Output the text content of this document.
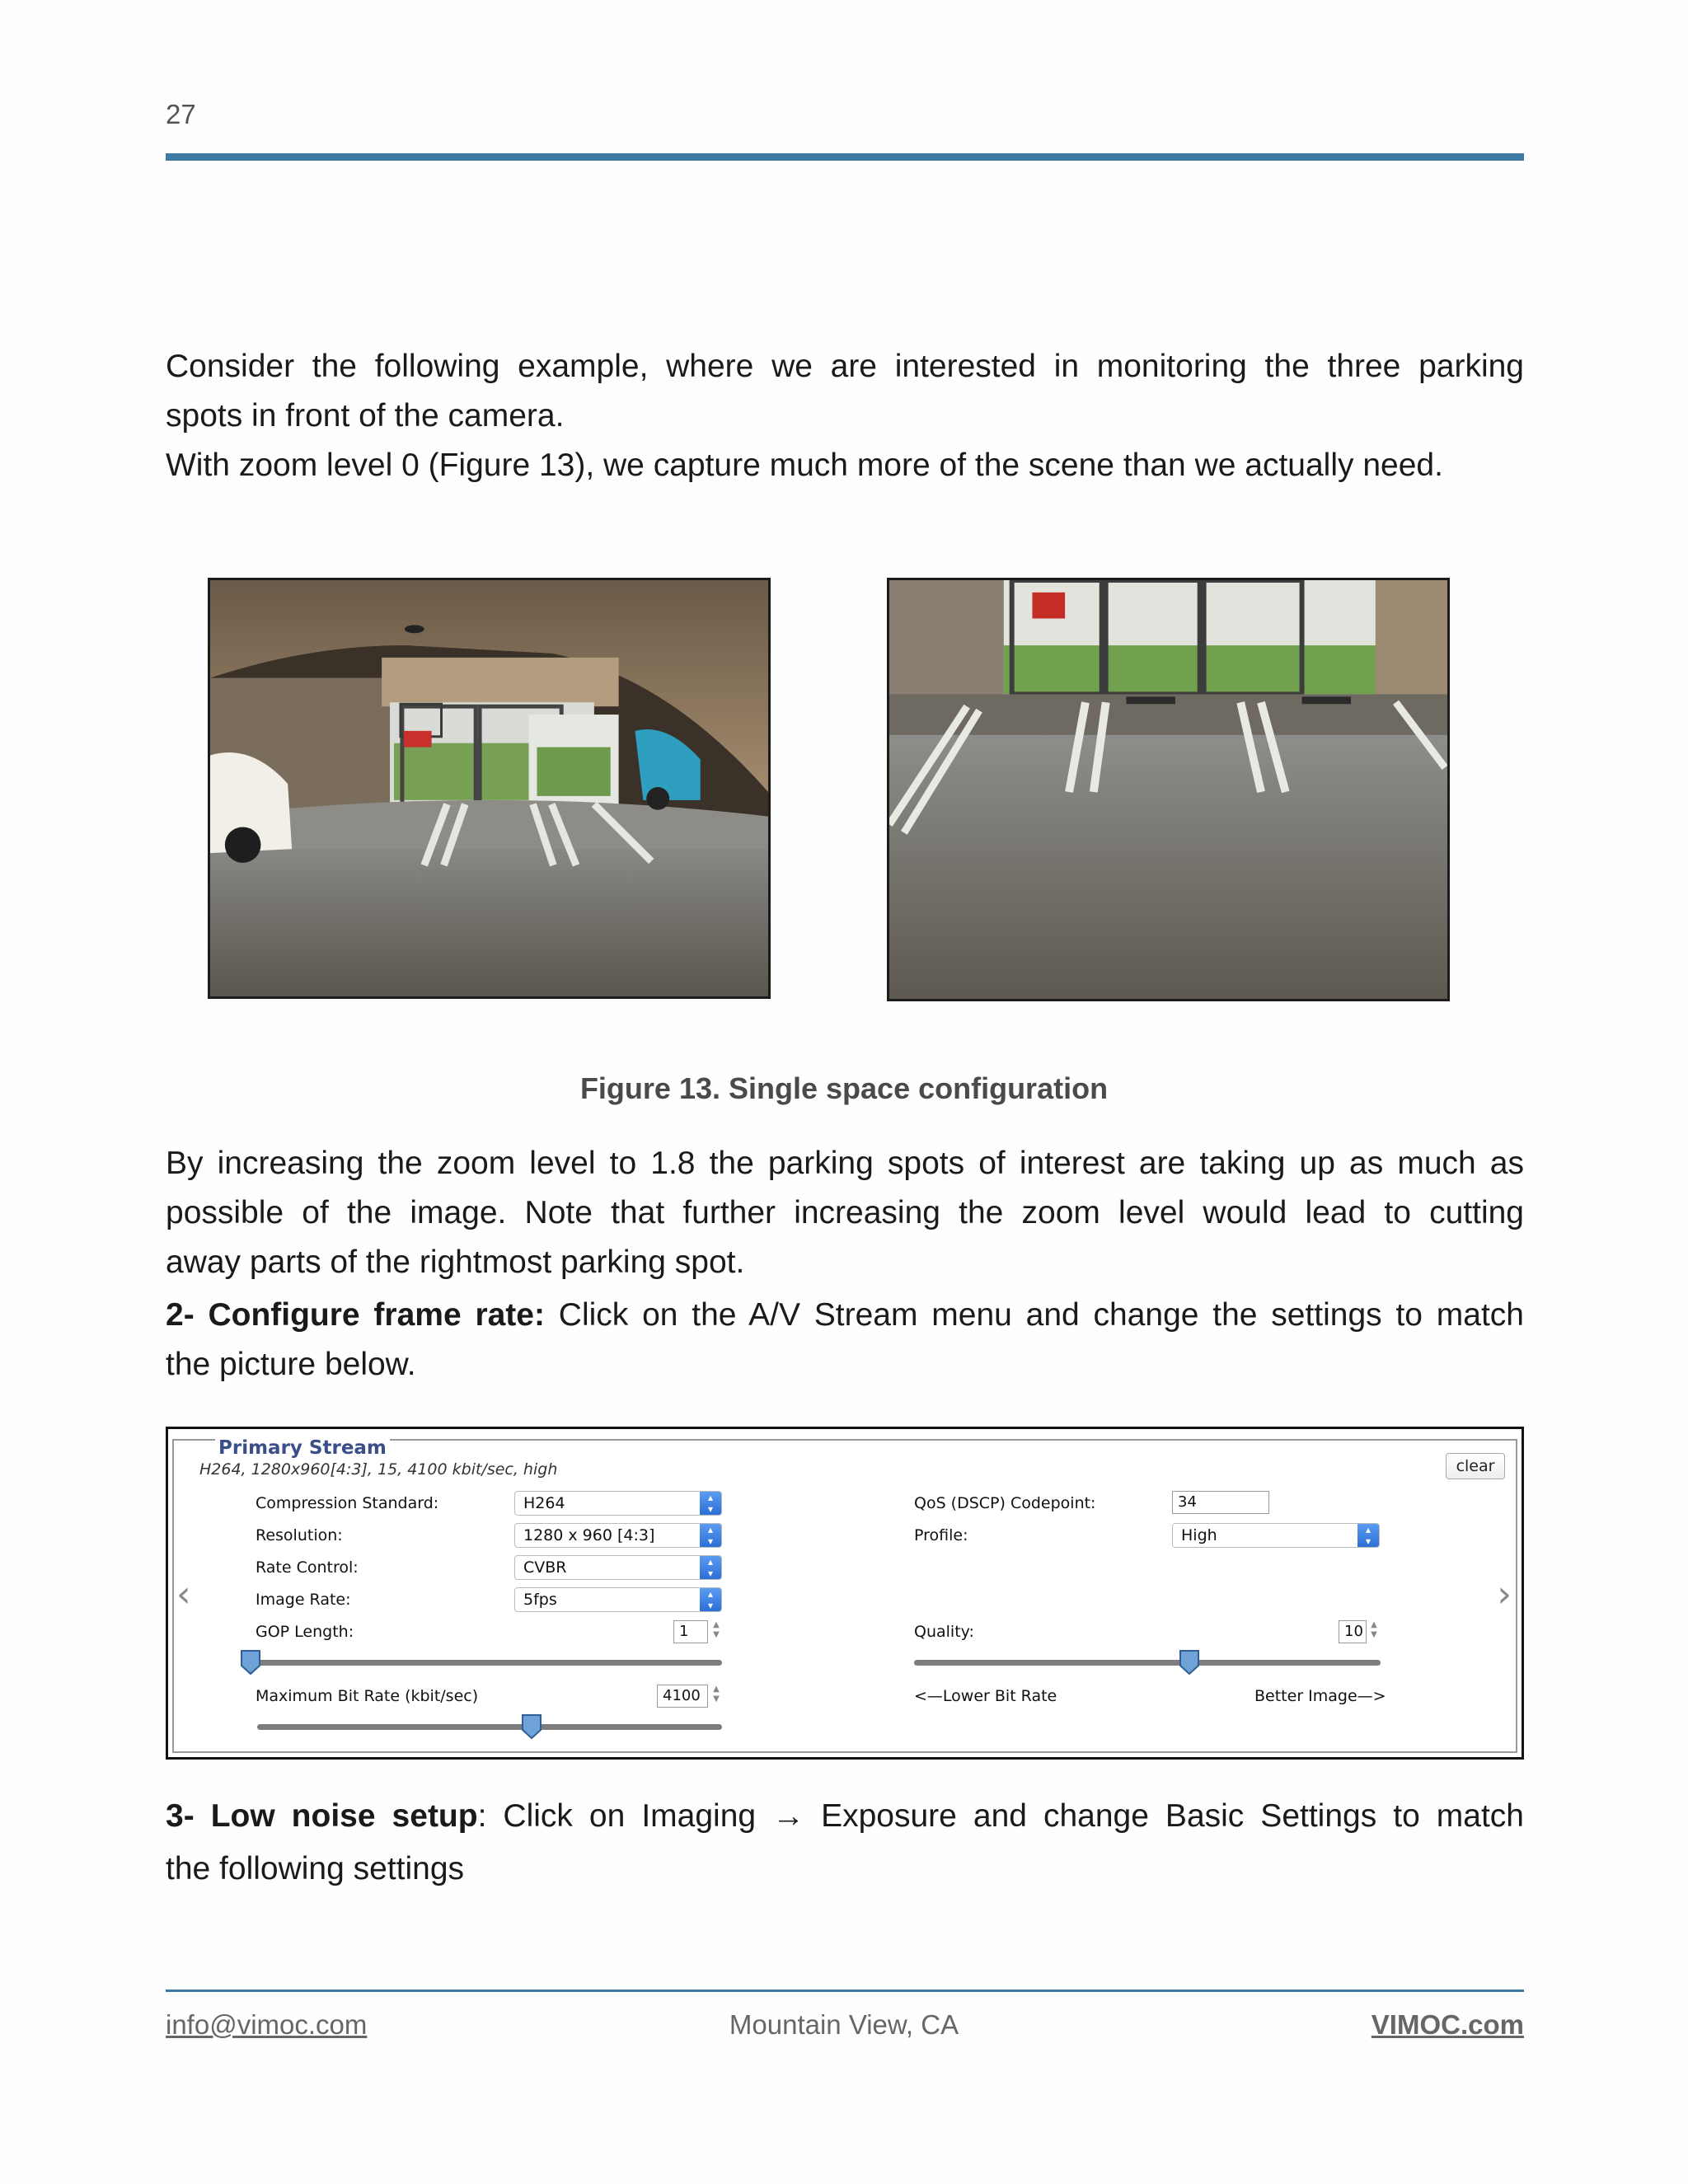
27

Consider the following example, where we are interested in monitoring the three parking
spots in front of the camera.
With zoom level 0 (Figure 13), we capture much more of the scene than we actually need.

Figure 13. Single space configuration

By increasing the zoom level to 1.8 the parking spots of interest are taking up as much as
possible of the image. Note that further increasing the zoom level would lead to cutting
away parts of the rightmost parking spot.

2- Configure frame rate: Click on the A/V Stream menu and change the settings to match
the picture below.

Primary Stream
H264, 1280x960[4:3], 15, 4100 kbit/sec, high	clear
‹	›
Compression Standard:	H264	▴
▾
Resolution:	1280 x 960 [4:3]	▴
▾
Rate Control:	CVBR	▴
▾
Image Rate:	5fps	▴
▾
GOP Length:	1	▲
▼
Maximum Bit Rate (kbit/sec)	4100	▲
▼
QoS (DSCP) Codepoint:	34
Profile:	High	▴
▾
Quality:	10 ▲
▼
<—Lower Bit Rate	Better Image—>

3- Low noise setup: Click on Imaging → Exposure and change Basic Settings to match
the following settings

info@vimoc.com	Mountain View, CA	VIMOC.com
